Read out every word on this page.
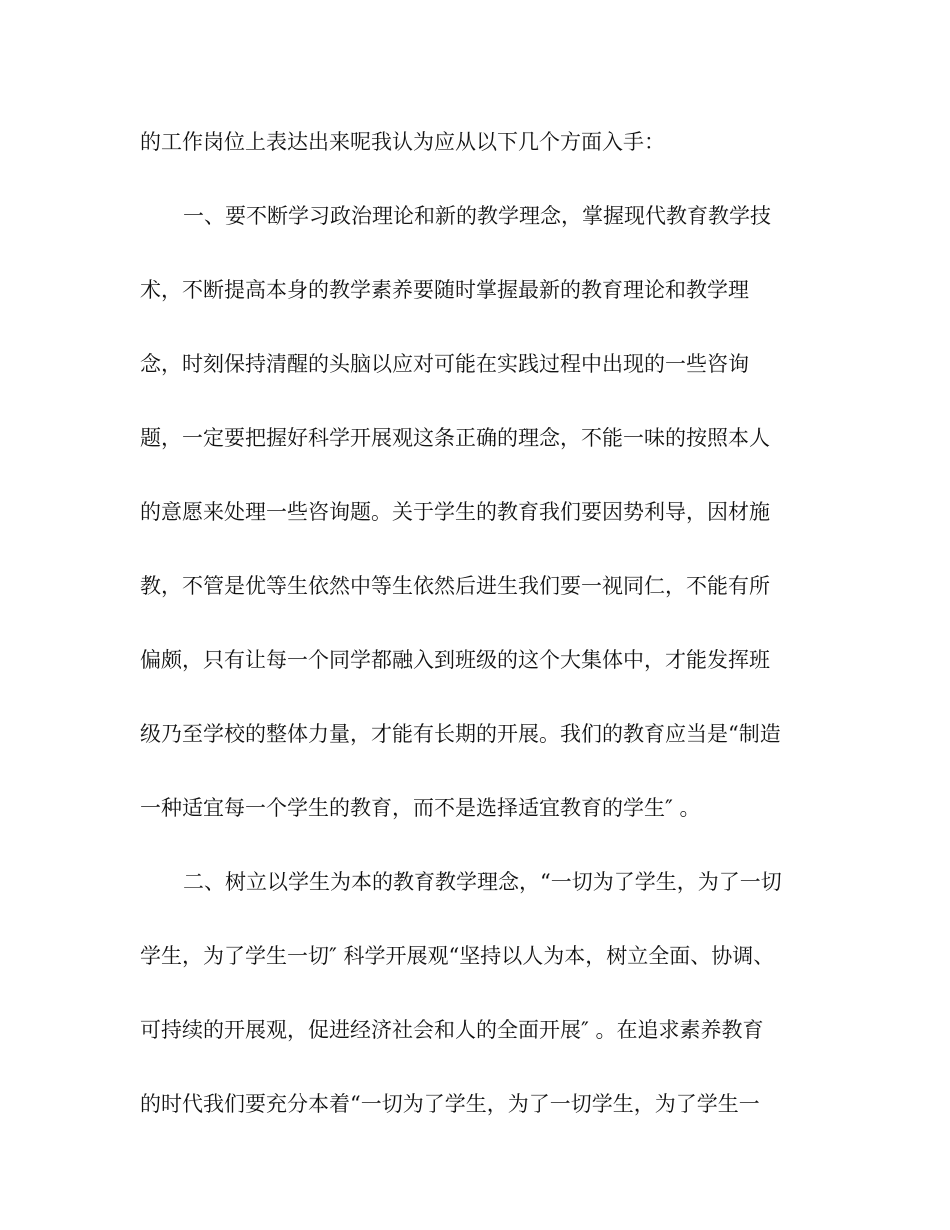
的工作岗位上表达出来呢我认为应从以下几个方面入手：
一、要不断学习政治理论和新的教学理念，掌握现代教育教学技
术，不断提高本身的教学素养要随时掌握最新的教育理论和教学理
念，时刻保持清醒的头脑以应对可能在实践过程中出现的一些咨询
题，一定要把握好科学开展观这条正确的理念，不能一味的按照本人
的意愿来处理一些咨询题。关于学生的教育我们要因势利导，因材施
教，不管是优等生依然中等生依然后进生我们要一视同仁，不能有所
偏颇，只有让每一个同学都融入到班级的这个大集体中，才能发挥班
级乃至学校的整体力量，才能有长期的开展。我们的教育应当是“制造
一种适宜每一个学生的教育，而不是选择适宜教育的学生″ 。
二、树立以学生为本的教育教学理念，“一切为了学生，为了一切
学生，为了学生一切″ 科学开展观“坚持以人为本，树立全面、协调、
可持续的开展观，促进经济社会和人的全面开展″ 。在追求素养教育
的时代我们要充分本着“一切为了学生，为了一切学生，为了学生一
